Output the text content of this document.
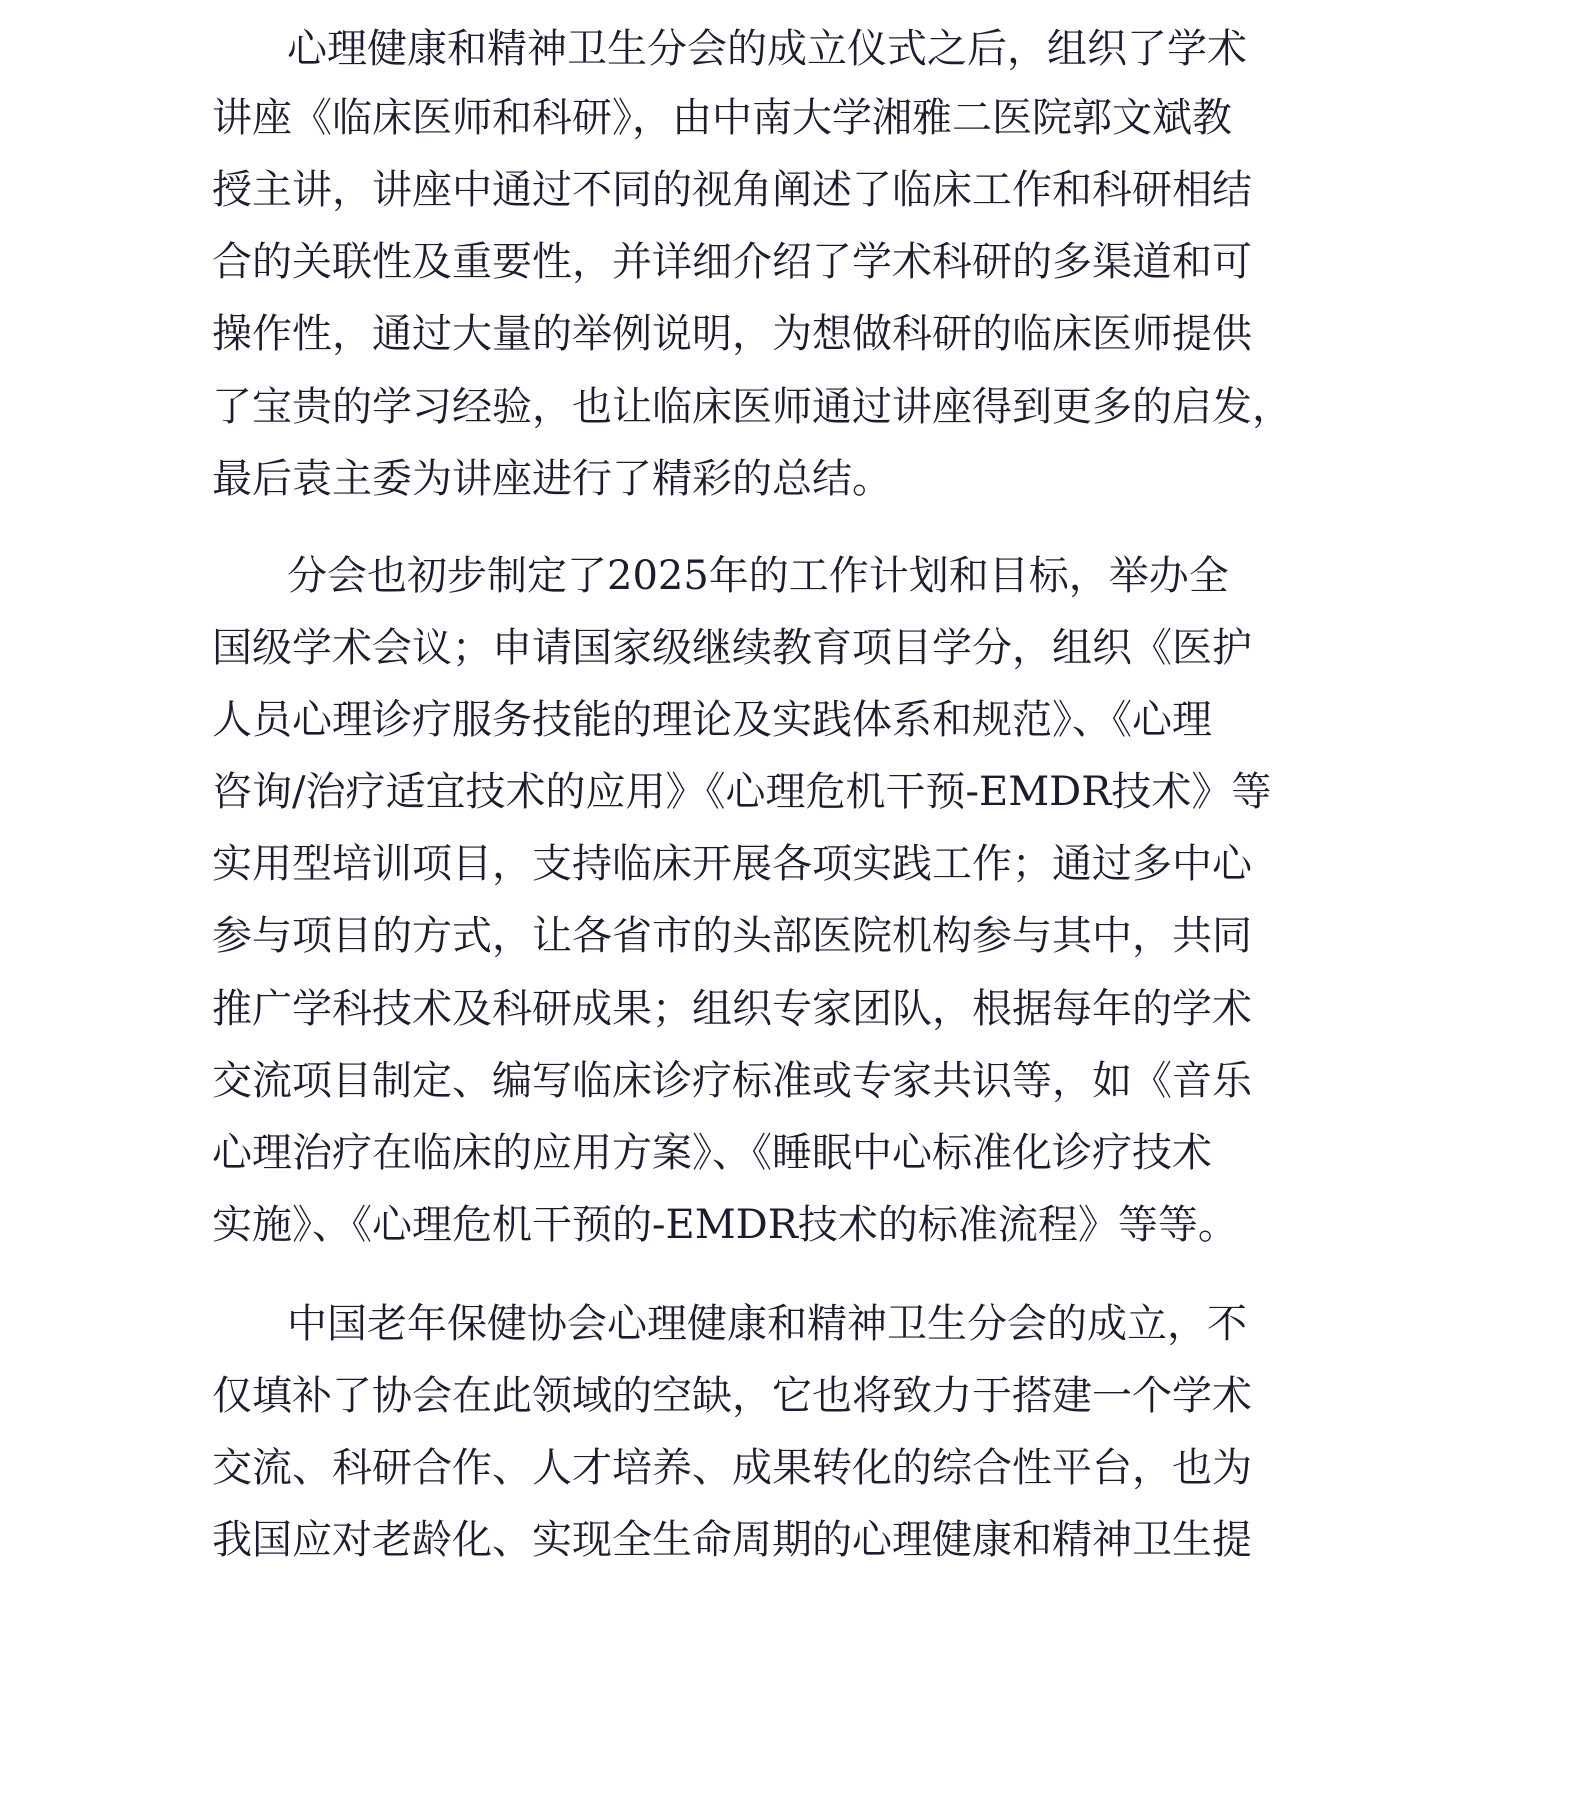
心理健康和精神卫生分会的成立仪式之后，组织了学术
讲座《临床医师和科研》，由中南大学湘雅二医院郭文斌教
授主讲，讲座中通过不同的视角阐述了临床工作和科研相结
合的关联性及重要性，并详细介绍了学术科研的多渠道和可
操作性，通过大量的举例说明，为想做科研的临床医师提供
了宝贵的学习经验，也让临床医师通过讲座得到更多的启发，
最后袁主委为讲座进行了精彩的总结。
分会也初步制定了2025年的工作计划和目标，举办全
国级学术会议；申请国家级继续教育项目学分，组织《医护
人员心理诊疗服务技能的理论及实践体系和规范》、《心理
咨询/治疗适宜技术的应用》《心理危机干预-EMDR技术》等
实用型培训项目，支持临床开展各项实践工作；通过多中心
参与项目的方式，让各省市的头部医院机构参与其中，共同
推广学科技术及科研成果；组织专家团队，根据每年的学术
交流项目制定、编写临床诊疗标准或专家共识等，如《音乐
心理治疗在临床的应用方案》、《睡眠中心标准化诊疗技术
实施》、《心理危机干预的-EMDR技术的标准流程》等等。
中国老年保健协会心理健康和精神卫生分会的成立，不
仅填补了协会在此领域的空缺，它也将致力于搭建一个学术
交流、科研合作、人才培养、成果转化的综合性平台，也为
我国应对老龄化、实现全生命周期的心理健康和精神卫生提
